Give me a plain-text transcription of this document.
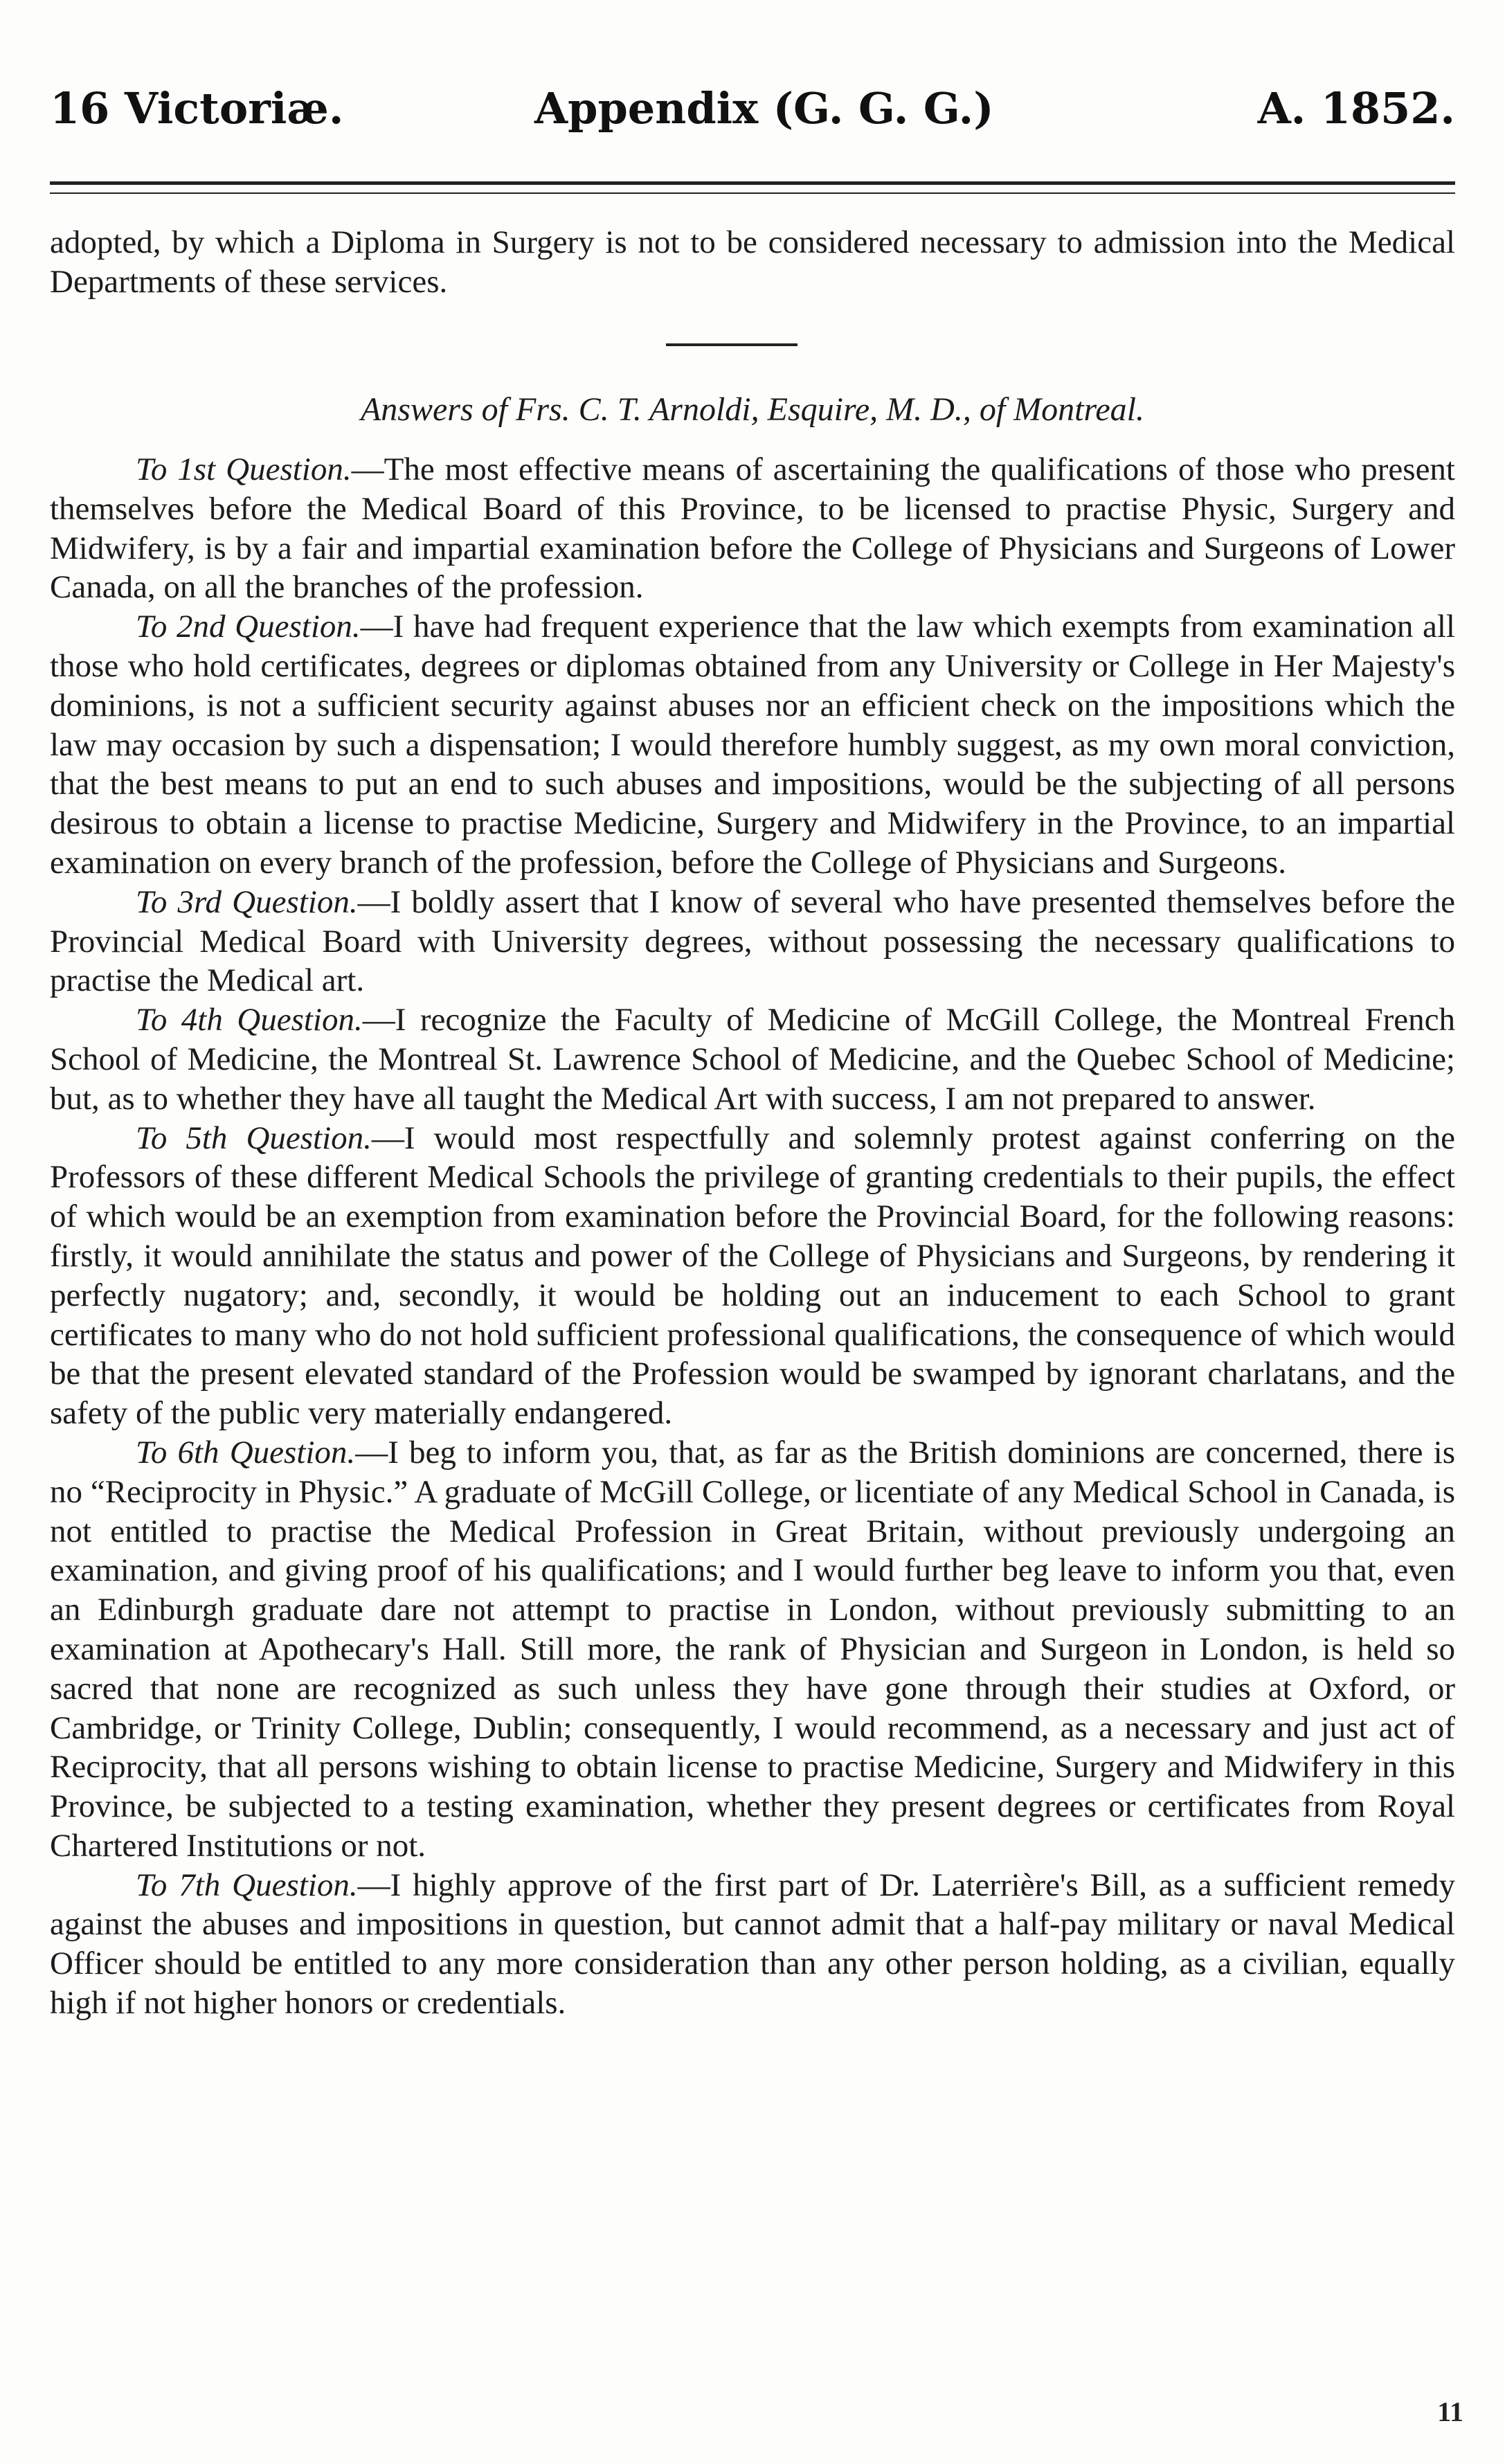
16 Victoriæ.	Appendix (G. G. G.)	A. 1852.

adopted, by which a Diploma in Surgery is not to be considered necessary to admission into the Medical Departments of these services.

Answers of Frs. C. T. Arnoldi, Esquire, M. D., of Montreal.

To 1st Question.—The most effective means of ascertaining the qualifications of those who present themselves before the Medical Board of this Province, to be licensed to practise Physic, Surgery and Midwifery, is by a fair and impartial examination before the College of Physicians and Surgeons of Lower Canada, on all the branches of the profession.

To 2nd Question.—I have had frequent experience that the law which exempts from examination all those who hold certificates, degrees or diplomas obtained from any University or College in Her Majesty's dominions, is not a sufficient security against abuses nor an efficient check on the impositions which the law may occasion by such a dispensation; I would therefore humbly suggest, as my own moral conviction, that the best means to put an end to such abuses and impositions, would be the subjecting of all persons desirous to obtain a license to practise Medicine, Surgery and Midwifery in the Province, to an impartial examination on every branch of the profession, before the College of Physicians and Surgeons.

To 3rd Question.—I boldly assert that I know of several who have presented themselves before the Provincial Medical Board with University degrees, without possessing the necessary qualifications to practise the Medical art.

To 4th Question.—I recognize the Faculty of Medicine of McGill College, the Montreal French School of Medicine, the Montreal St. Lawrence School of Medicine, and the Quebec School of Medicine; but, as to whether they have all taught the Medical Art with success, I am not prepared to answer.

To 5th Question.—I would most respectfully and solemnly protest against conferring on the Professors of these different Medical Schools the privilege of granting credentials to their pupils, the effect of which would be an exemption from examination before the Provincial Board, for the following reasons: firstly, it would annihilate the status and power of the College of Physicians and Surgeons, by rendering it perfectly nugatory; and, secondly, it would be holding out an inducement to each School to grant certificates to many who do not hold sufficient professional qualifications, the consequence of which would be that the present elevated standard of the Profession would be swamped by ignorant charlatans, and the safety of the public very materially endangered.

To 6th Question.—I beg to inform you, that, as far as the British dominions are concerned, there is no “Reciprocity in Physic.” A graduate of McGill College, or licentiate of any Medical School in Canada, is not entitled to practise the Medical Profession in Great Britain, without previously undergoing an examination, and giving proof of his qualifications; and I would further beg leave to inform you that, even an Edinburgh graduate dare not attempt to practise in London, without previously submitting to an examination at Apothecary's Hall. Still more, the rank of Physician and Surgeon in London, is held so sacred that none are recognized as such unless they have gone through their studies at Oxford, or Cambridge, or Trinity College, Dublin; consequently, I would recommend, as a necessary and just act of Reciprocity, that all persons wishing to obtain license to practise Medicine, Surgery and Midwifery in this Province, be subjected to a testing examination, whether they present degrees or certificates from Royal Chartered Institutions or not.

To 7th Question.—I highly approve of the first part of Dr. Laterrière's Bill, as a sufficient remedy against the abuses and impositions in question, but cannot admit that a half-pay military or naval Medical Officer should be entitled to any more consideration than any other person holding, as a civilian, equally high if not higher honors or credentials.

11
